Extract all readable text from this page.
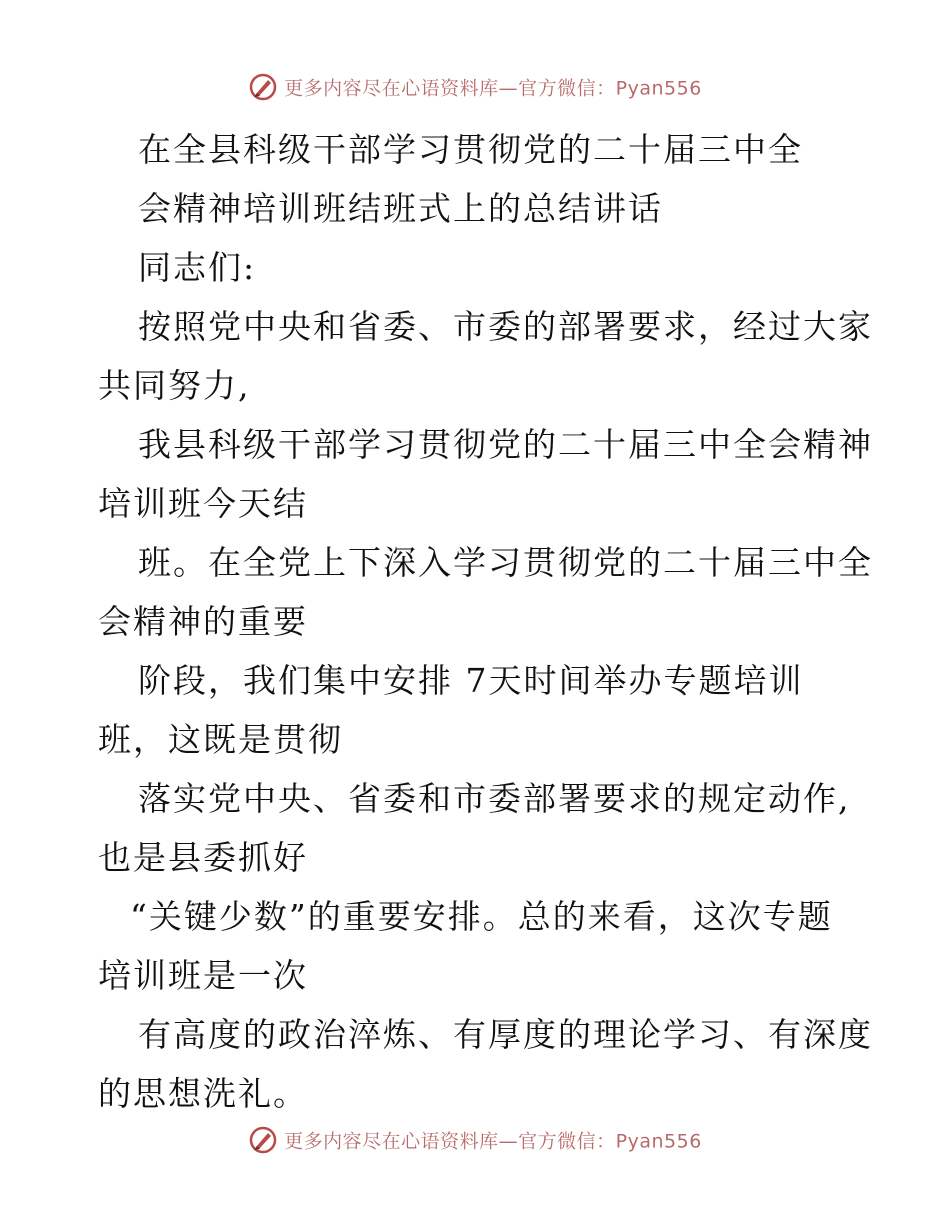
更多内容尽在心语资料库—官方微信：Pyan556
在全县科级干部学习贯彻党的二十届三中全
会精神培训班结班式上的总结讲话
同志们:
按照党中央和省委、市委的部署要求，经过大家
共同努力,
我县科级干部学习贯彻党的二十届三中全会精神
培训班今天结
班。在全党上下深入学习贯彻党的二十届三中全
会精神的重要
阶段，我们集中安排 7天时间举办专题培训
班，这既是贯彻
落实党中央、省委和市委部署要求的规定动作,
也是县委抓好
“关键少数”的重要安排。总的来看，这次专题
培训班是一次
有高度的政治淬炼、有厚度的理论学习、有深度
的思想洗礼。
更多内容尽在心语资料库—官方微信：Pyan556
